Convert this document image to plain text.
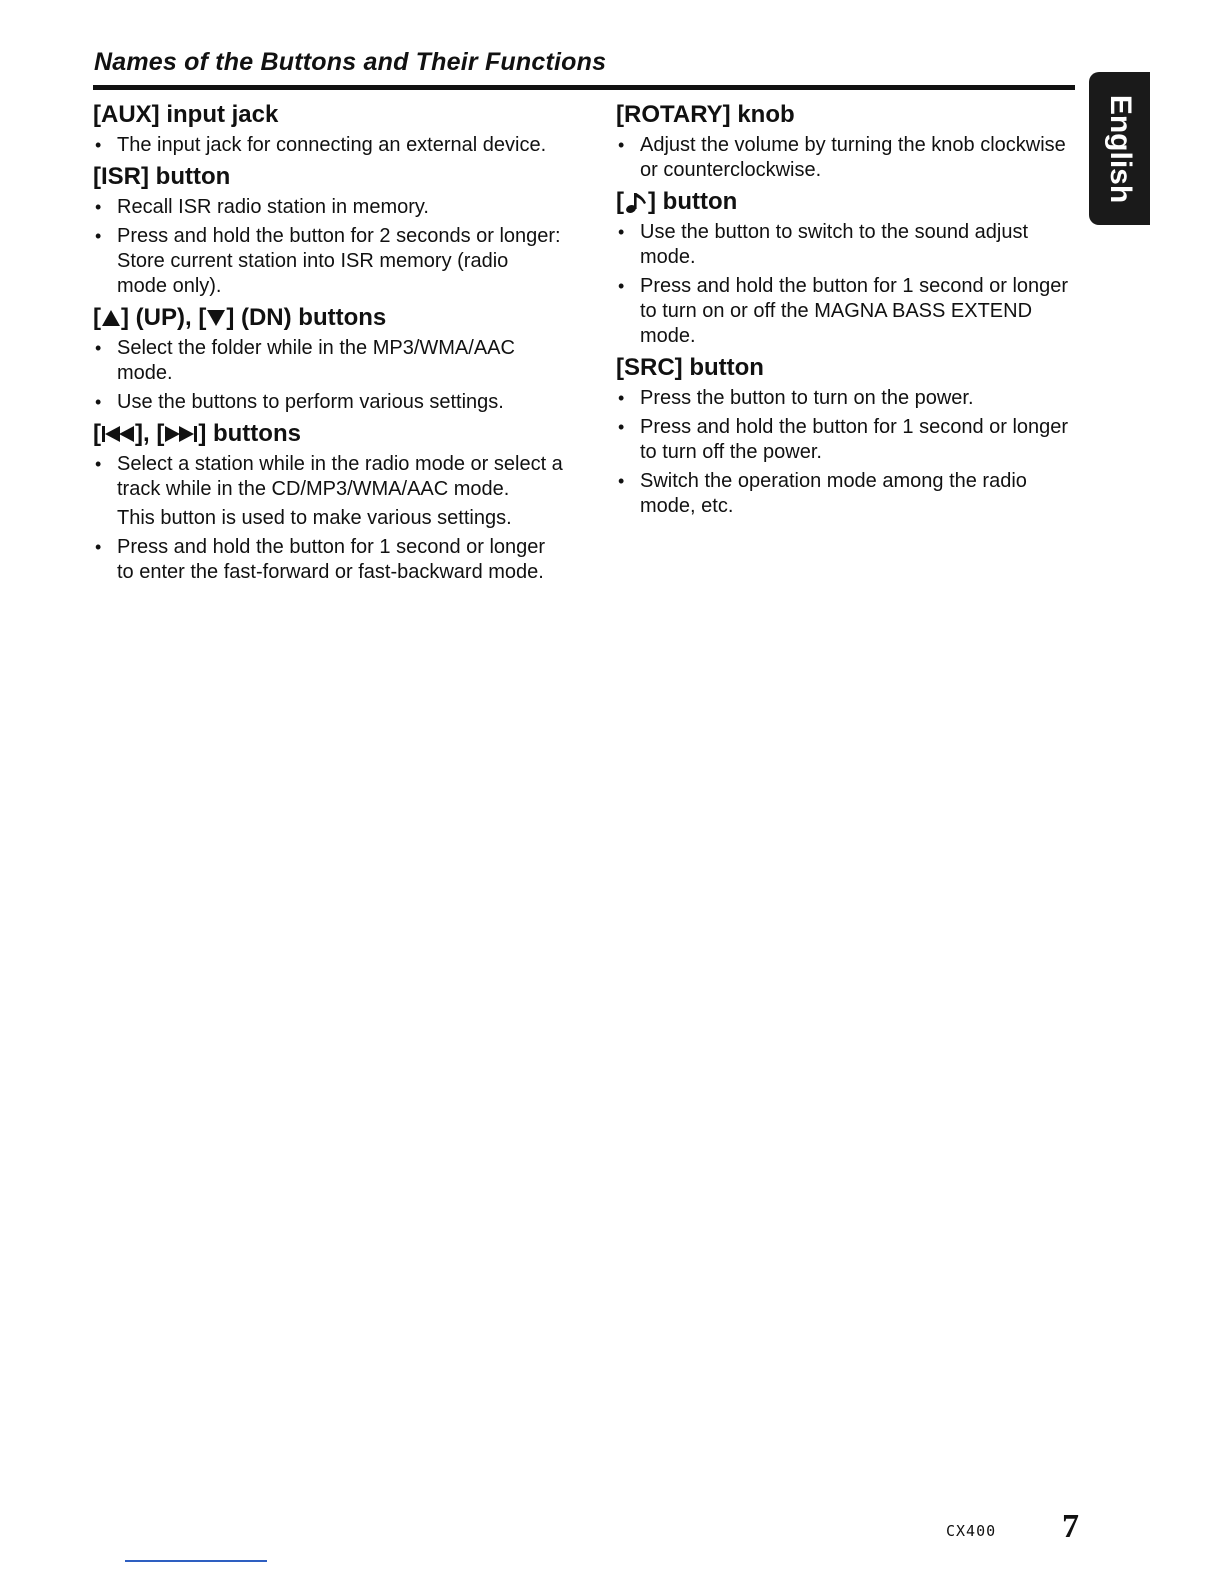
Names of the Buttons and Their Functions
English
[AUX] input jack
• The input jack for connecting an external device.
[ISR] button
• Recall ISR radio station in memory.
• Press and hold the button for 2 seconds or longer: Store current station into ISR memory (radio mode only).
[ ] (UP), [ ] (DN) buttons
• Select the folder while in the MP3/WMA/AAC mode.
• Use the buttons to perform various settings.
[ ], [ ] buttons
• Select a station while in the radio mode or select a track while in the CD/MP3/WMA/AAC mode.

This button is used to make various settings.

• Press and hold the button for 1 second or longer to enter the fast-forward or fast-backward mode.
[ROTARY] knob
• Adjust the volume by turning the knob clockwise or counterclockwise.
[ ] button
• Use the button to switch to the sound adjust mode.
• Press and hold the button for 1 second or longer to turn on or off the MAGNA BASS EXTEND mode.
[SRC] button
• Press the button to turn on the power.
• Press and hold the button for 1 second or longer to turn off the power.
• Switch the operation mode among the radio mode, etc.
CX400 7
